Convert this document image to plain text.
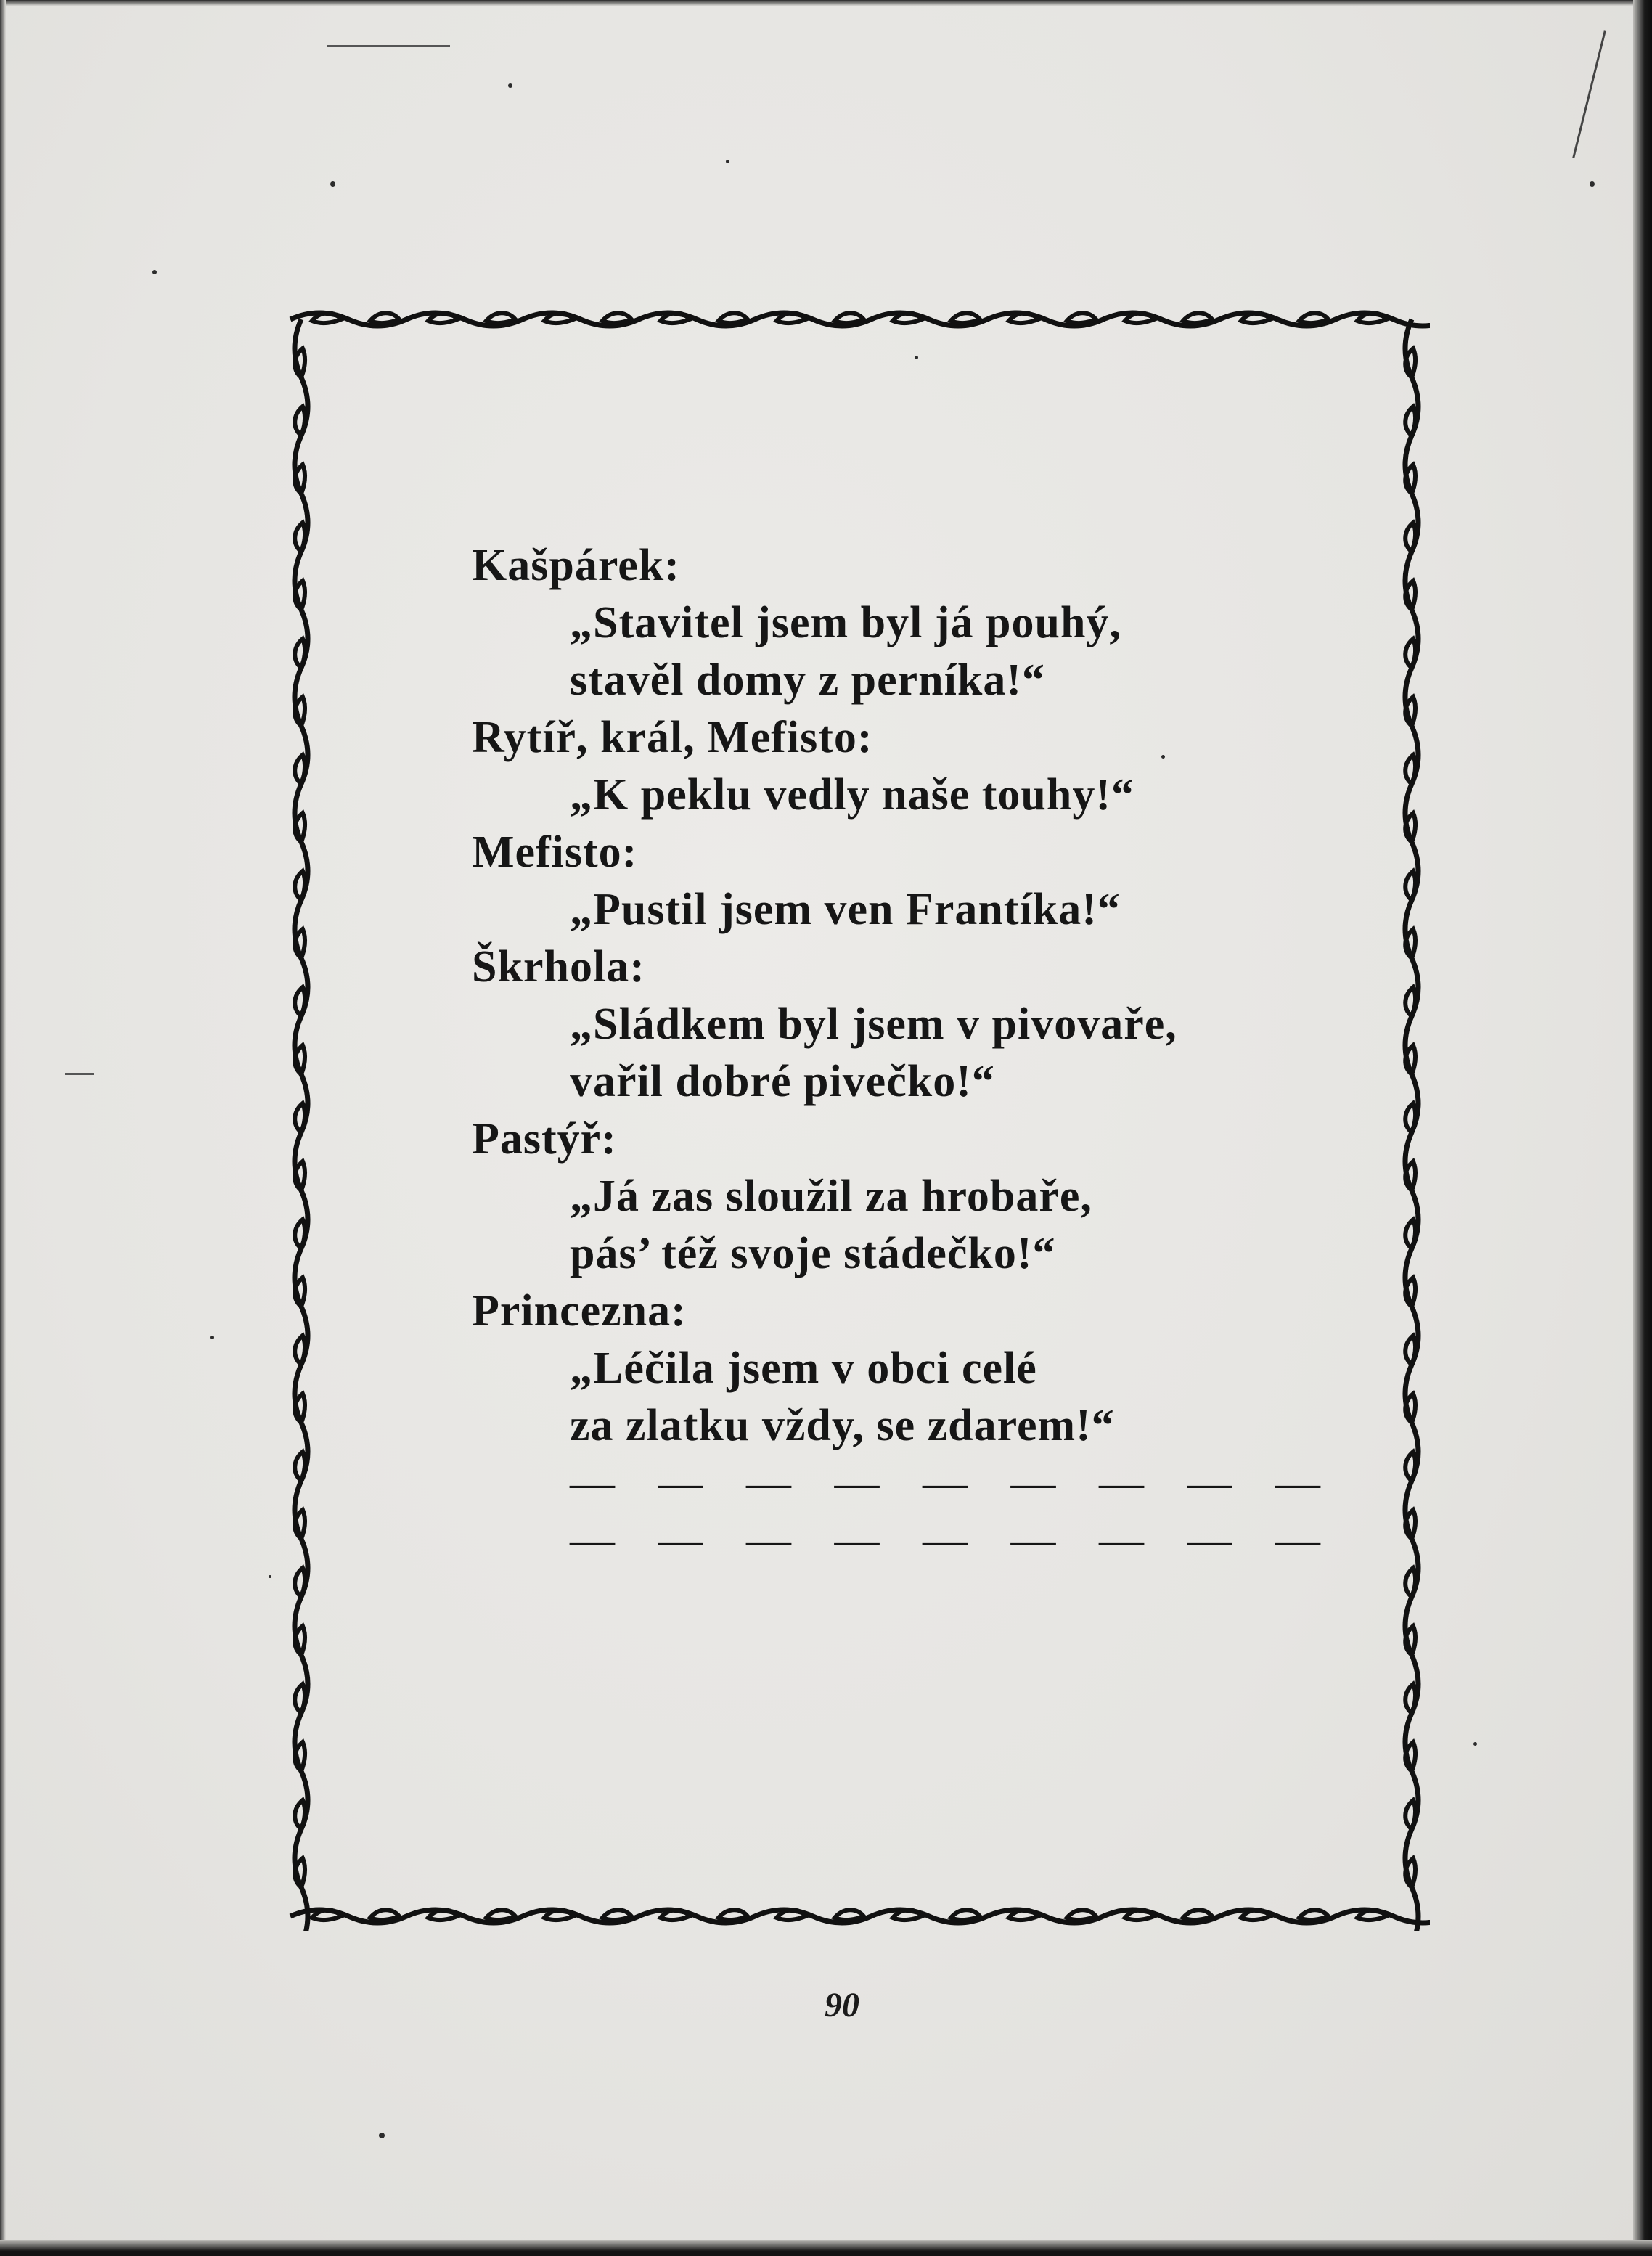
Kašpárek:
„Stavitel jsem byl já pouhý,
stavěl domy z perníka!“
Rytíř, král, Mefisto:
„K peklu vedly naše touhy!“
Mefisto:
„Pustil jsem ven Frantíka!“
Škrhola:
„Sládkem byl jsem v pivovaře,
vařil dobré pivečko!“
Pastýř:
„Já zas sloužil za hrobaře,
pás’ též svoje stádečko!“
Princezna:
„Léčila jsem v obci celé
za zlatku vždy, se zdarem!“
— — — — — — — — —
— — — — — — — — —
90
